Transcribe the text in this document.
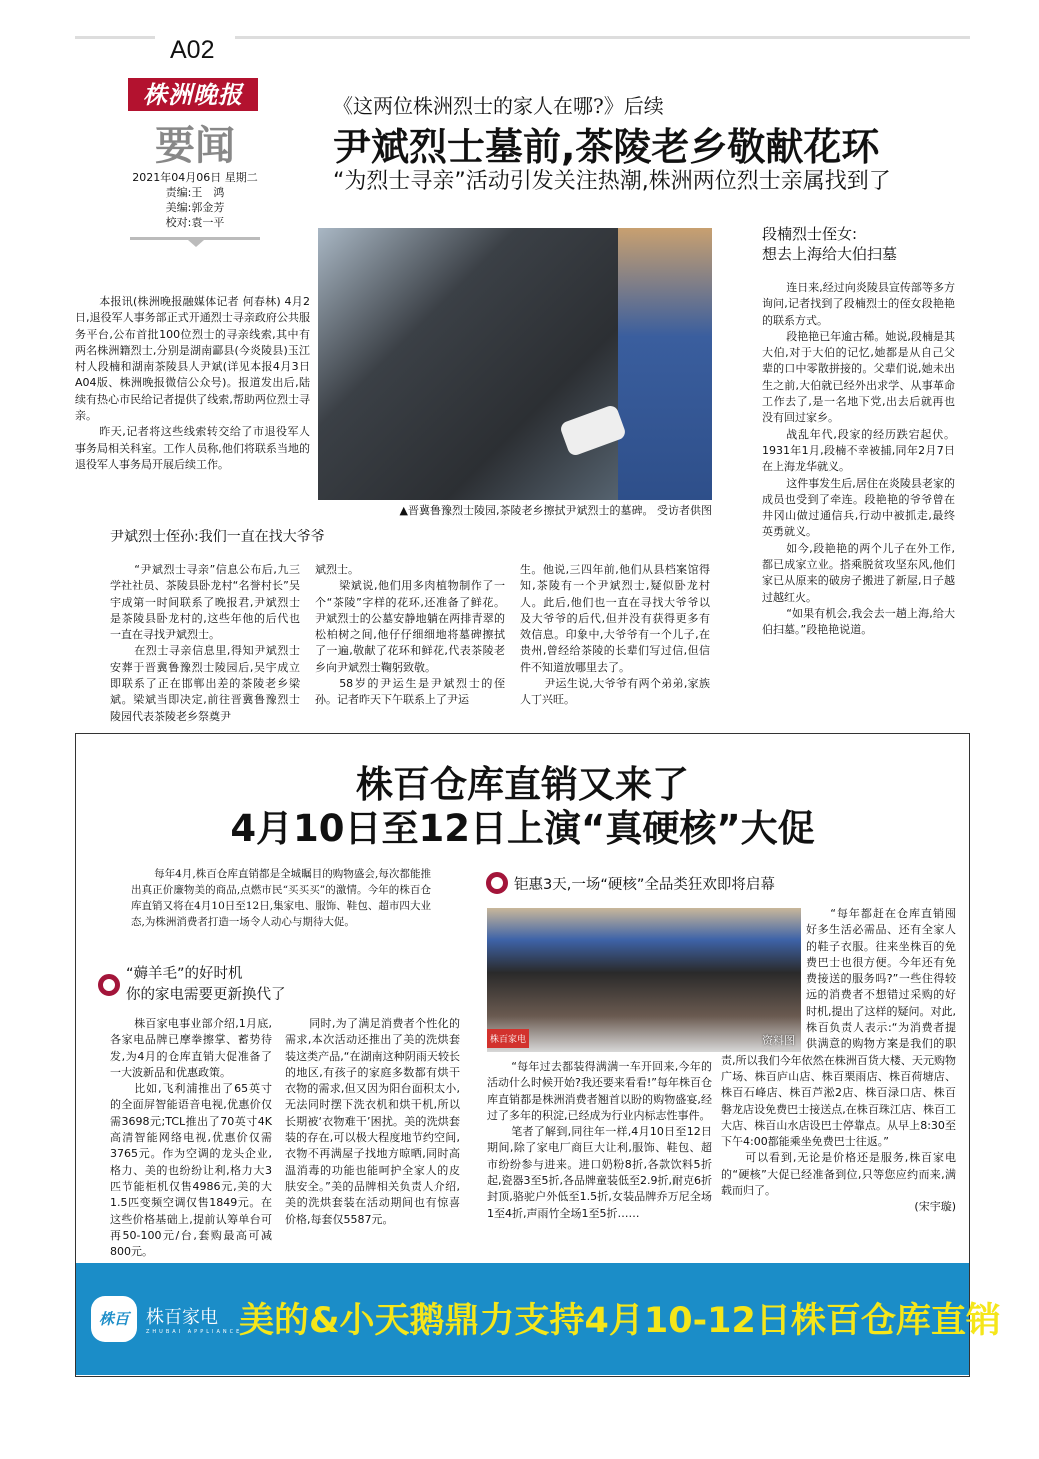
A02
株洲晚报
要闻
2021年04月06日 星期二
责编:王　鸿
美编:郭金芳
校对:袁一平
《这两位株洲烈士的家人在哪?》后续
尹斌烈士墓前,茶陵老乡敬献花环
“为烈士寻亲”活动引发关注热潮,株洲两位烈士亲属找到了
▲晋冀鲁豫烈士陵园,茶陵老乡擦拭尹斌烈士的墓碑。 受访者供图

本报讯(株洲晚报融媒体记者 何春林) 4月2日,退役军人事务部正式开通烈士寻亲政府公共服务平台,公布首批100位烈士的寻亲线索,其中有两名株洲籍烈士,分别是湖南酃县(今炎陵县)玉江村人段楠和湖南茶陵县人尹斌(详见本报4月3日A04版、株洲晚报微信公众号)。报道发出后,陆续有热心市民给记者提供了线索,帮助两位烈士寻亲。

昨天,记者将这些线索转交给了市退役军人事务局相关科室。工作人员称,他们将联系当地的退役军人事务局开展后续工作。

尹斌烈士侄孙:我们一直在找大爷爷

“尹斌烈士寻亲”信息公布后,九三学社社员、茶陵县卧龙村“名誉村长”吴宇成第一时间联系了晚报君,尹斌烈士是茶陵县卧龙村的,这些年他的后代也一直在寻找尹斌烈士。

在烈士寻亲信息里,得知尹斌烈士安葬于晋冀鲁豫烈士陵园后,吴宇成立即联系了正在邯郸出差的茶陵老乡梁斌。梁斌当即决定,前往晋冀鲁豫烈士陵园代表茶陵老乡祭奠尹

斌烈士。

梁斌说,他们用多肉植物制作了一个“茶陵”字样的花环,还准备了鲜花。尹斌烈士的公墓安静地躺在两排青翠的松柏树之间,他仔仔细细地将墓碑擦拭了一遍,敬献了花环和鲜花,代表茶陵老乡向尹斌烈士鞠躬致敬。

58岁的尹运生是尹斌烈士的侄孙。记者昨天下午联系上了尹运

生。他说,三四年前,他们从县档案馆得知,茶陵有一个尹斌烈士,疑似卧龙村人。此后,他们也一直在寻找大爷爷以及大爷爷的后代,但并没有获得更多有效信息。印象中,大爷爷有一个儿子,在贵州,曾经给茶陵的长辈们写过信,但信件不知道放哪里去了。

尹运生说,大爷爷有两个弟弟,家族人丁兴旺。

段楠烈士侄女:
想去上海给大伯扫墓

连日来,经过向炎陵县宣传部等多方询问,记者找到了段楠烈士的侄女段艳艳的联系方式。

段艳艳已年逾古稀。她说,段楠是其大伯,对于大伯的记忆,她都是从自己父辈的口中零散拼接的。父辈们说,她未出生之前,大伯就已经外出求学、从事革命工作去了,是一名地下党,出去后就再也没有回过家乡。

战乱年代,段家的经历跌宕起伏。1931年1月,段楠不幸被捕,同年2月7日在上海龙华就义。

这件事发生后,居住在炎陵县老家的成员也受到了牵连。段艳艳的爷爷曾在井冈山做过通信兵,行动中被抓走,最终英勇就义。

如今,段艳艳的两个儿子在外工作,都已成家立业。搭乘脱贫攻坚东风,他们家已从原来的破房子搬进了新屋,日子越过越红火。

“如果有机会,我会去一趟上海,给大伯扫墓。”段艳艳说道。

株百仓库直销又来了
4月10日至12日上演“真硬核”大促

每年4月,株百仓库直销都是全城瞩目的购物盛会,每次都能推出真正价廉物美的商品,点燃市民“买买买”的激情。今年的株百仓库直销又将在4月10日至12日,集家电、服饰、鞋包、超市四大业态,为株洲消费者打造一场令人动心与期待大促。

“薅羊毛”的好时机
你的家电需要更新换代了

株百家电事业部介绍,1月底,各家电品牌已摩拳擦掌、蓄势待发,为4月的仓库直销大促准备了一大波新品和优惠政策。

比如,飞利浦推出了65英寸的全面屏智能语音电视,优惠价仅需3698元;TCL推出了70英寸4K高清智能网络电视,优惠价仅需3765元。作为空调的龙头企业,格力、美的也纷纷让利,格力大3匹节能柜机仅售4986元,美的大1.5匹变频空调仅售1849元。在这些价格基础上,提前认筹单台可再50-100元/台,套购最高可减800元。

同时,为了满足消费者个性化的需求,本次活动还推出了美的洗烘套装这类产品,“在湖南这种阴雨天较长的地区,有孩子的家庭多数都有烘干衣物的需求,但又因为阳台面积太小,无法同时摆下洗衣机和烘干机,所以长期被‘衣物难干’困扰。美的洗烘套装的存在,可以极大程度地节约空间,衣物不再满屋子找地方晾晒,同时高温消毒的功能也能呵护全家人的皮肤安全。”美的品牌相关负责人介绍,美的洗烘套装在活动期间也有惊喜价格,每套仅5587元。

钜惠3天,一场“硬核”全品类狂欢即将启幕
株百家电	资料图

“每年过去都装得满满一车开回来,今年的活动什么时候开始?我还要来看看!”每年株百仓库直销都是株洲消费者翘首以盼的购物盛宴,经过了多年的积淀,已经成为行业内标志性事件。

笔者了解到,同往年一样,4月10日至12日期间,除了家电厂商巨大让利,服饰、鞋包、超市纷纷参与进来。进口奶粉8折,各款饮料5折起,瓷器3至5折,各品牌童装低至2.9折,耐克6折封顶,骆驼户外低至1.5折,女装品牌乔万尼全场1至4折,声雨竹全场1至5折……

“每年都赶在仓库直销囤好多生活必需品、还有全家人的鞋子衣服。往来坐株百的免费巴士也很方便。今年还有免费接送的服务吗?”一些住得较远的消费者不想错过采购的好时机,提出了这样的疑问。对此,株百负责人表示:“为消费者提供满意的购物方案是我们的职责,所以我们今年依然在株洲百货大楼、天元购物广场、株百庐山店、株百栗雨店、株百荷塘店、株百石峰店、株百芦淞2店、株百渌口店、株百磐龙店设免费巴士接送点,在株百珠江店、株百工大店、株百山水店设巴士停靠点。从早上8:30至下午4:00都能乘坐免费巴士往返。”

可以看到,无论是价格还是服务,株百家电的“硬核”大促已经准备到位,只等您应约而来,满载而归了。

(宋宇璇)
株百 株百家电
ZHUBAI APPLIANCE
美的&小天鹅鼎力支持4月10-12日株百仓库直销
